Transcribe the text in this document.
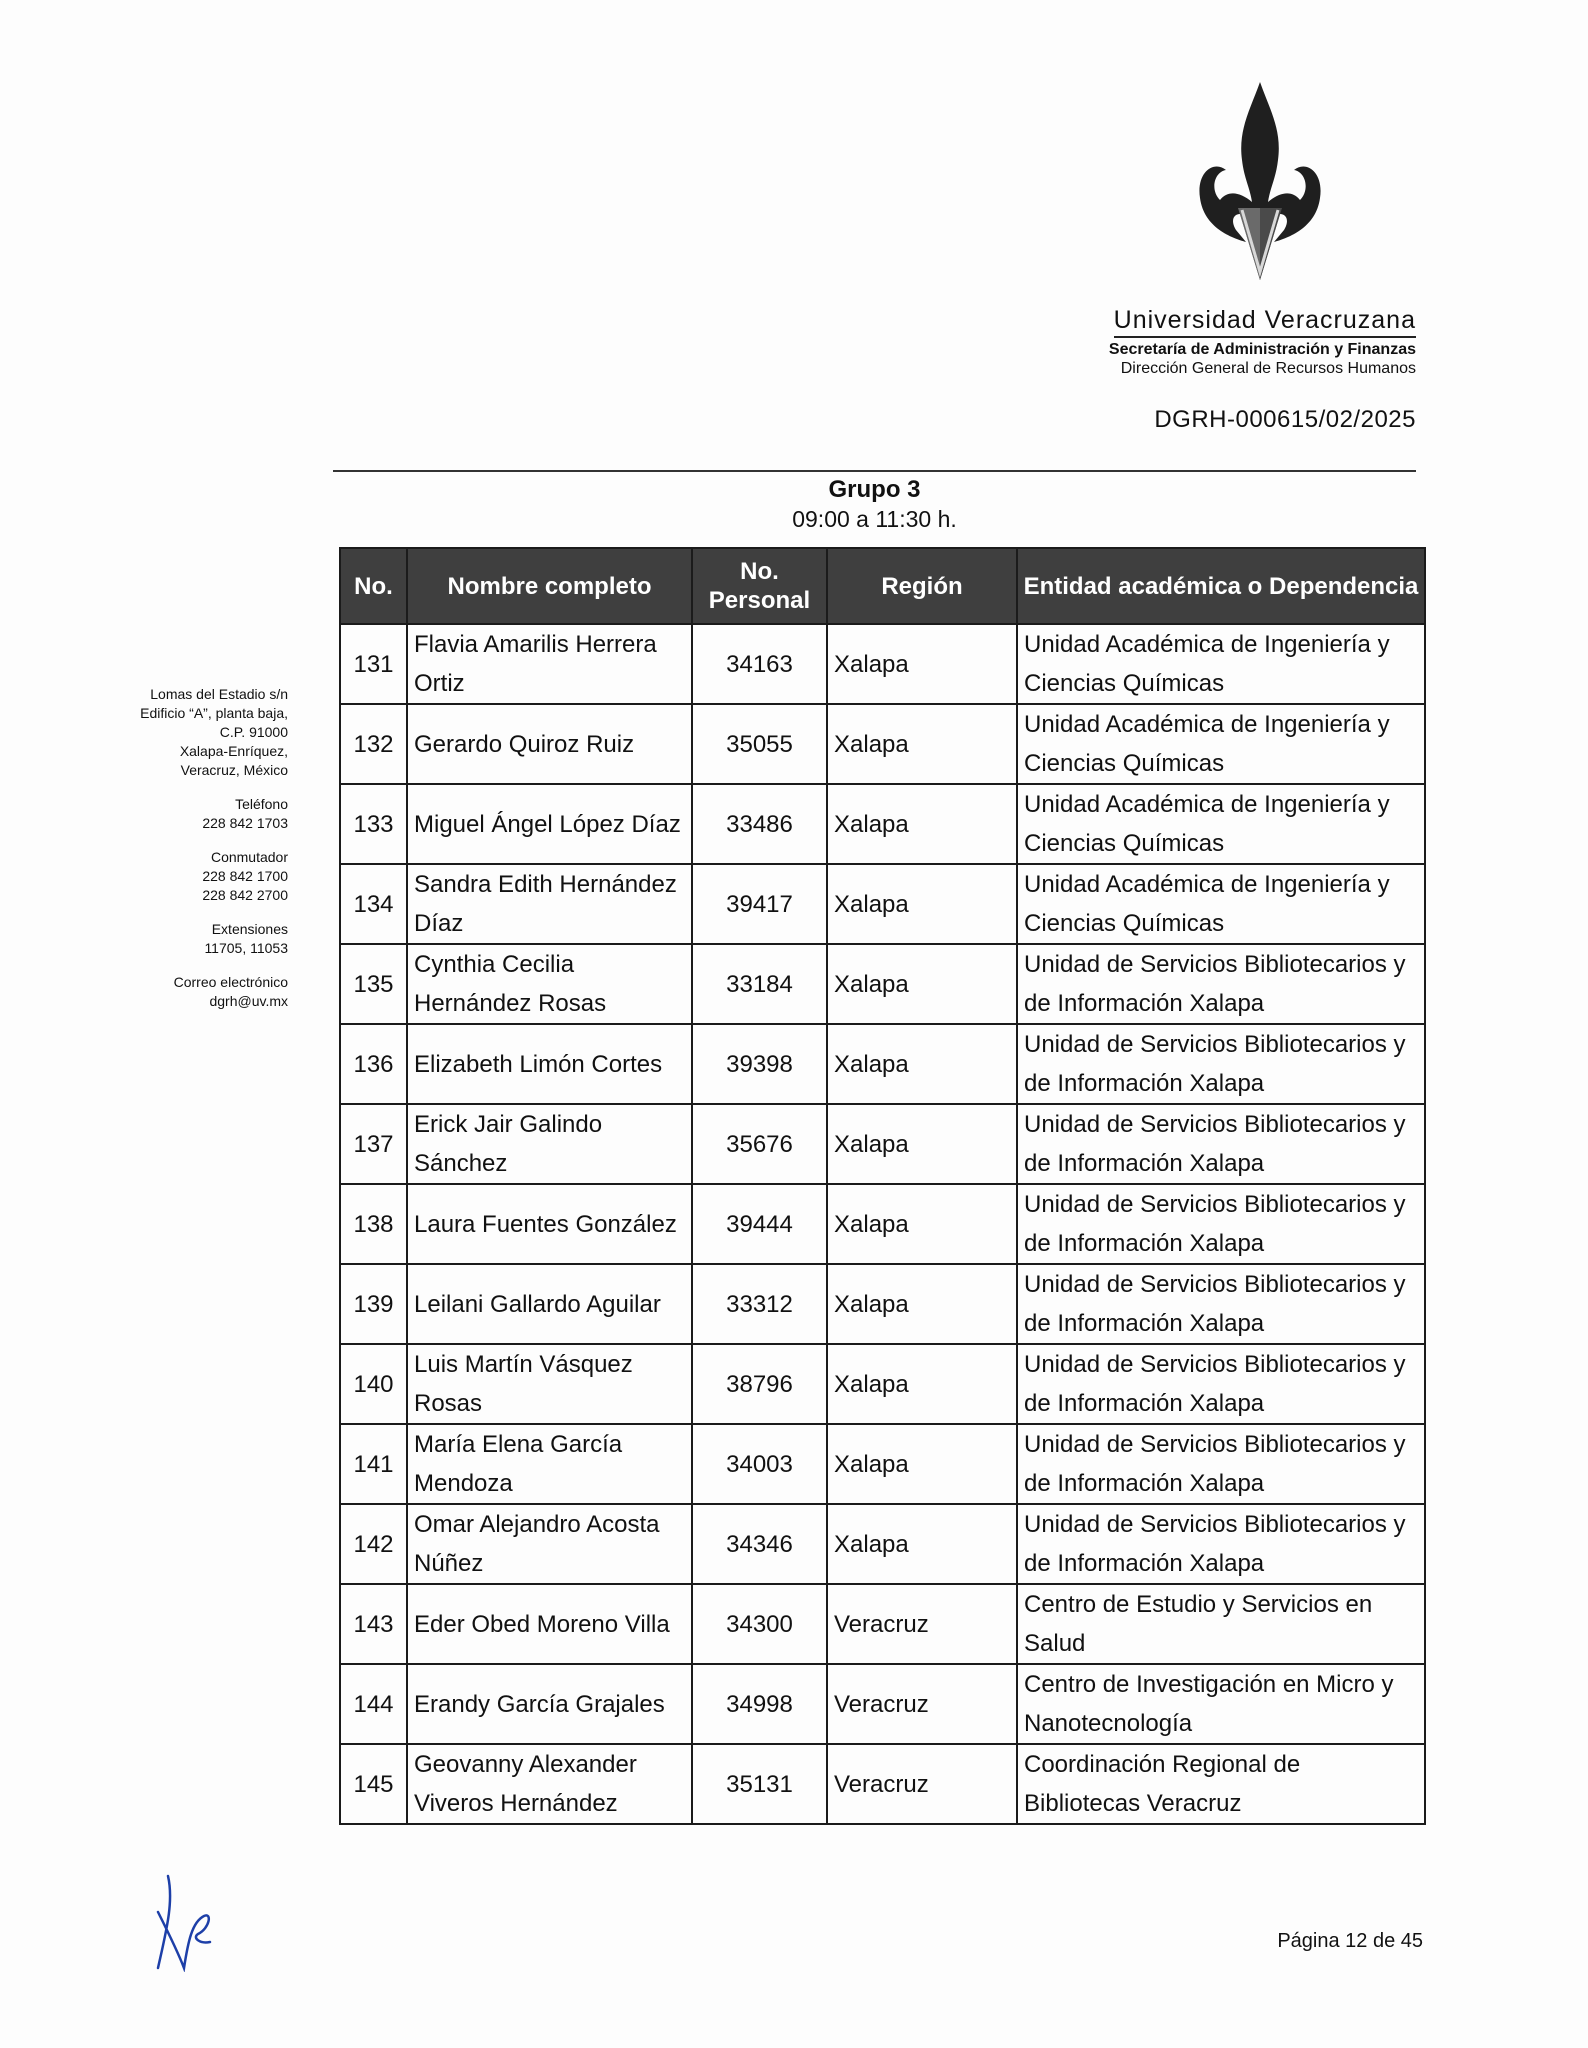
Universidad Veracruzana
Secretaría de Administración y Finanzas
Dirección General de Recursos Humanos
DGRH-000615/02/2025
Grupo 3
09:00 a 11:30 h.
Lomas del Estadio s/n
Edificio “A”, planta baja,
C.P. 91000
Xalapa-Enríquez,
Veracruz, México
Teléfono
228 842 1703
Conmutador
228 842 1700
228 842 2700
Extensiones
11705, 11053
Correo electrónico
dgrh@uv.mx
No.	Nombre completo	No. Personal	Región	Entidad académica o Dependencia
131	Flavia Amarilis Herrera Ortiz	34163	Xalapa	Unidad Académica de Ingeniería y Ciencias Químicas
132	Gerardo Quiroz Ruiz	35055	Xalapa	Unidad Académica de Ingeniería y Ciencias Químicas
133	Miguel Ángel López Díaz	33486	Xalapa	Unidad Académica de Ingeniería y Ciencias Químicas
134	Sandra Edith Hernández Díaz	39417	Xalapa	Unidad Académica de Ingeniería y Ciencias Químicas
135	Cynthia Cecilia Hernández Rosas	33184	Xalapa	Unidad de Servicios Bibliotecarios y de Información Xalapa
136	Elizabeth Limón Cortes	39398	Xalapa	Unidad de Servicios Bibliotecarios y de Información Xalapa
137	Erick Jair Galindo Sánchez	35676	Xalapa	Unidad de Servicios Bibliotecarios y de Información Xalapa
138	Laura Fuentes González	39444	Xalapa	Unidad de Servicios Bibliotecarios y de Información Xalapa
139	Leilani Gallardo Aguilar	33312	Xalapa	Unidad de Servicios Bibliotecarios y de Información Xalapa
140	Luis Martín Vásquez Rosas	38796	Xalapa	Unidad de Servicios Bibliotecarios y de Información Xalapa
141	María Elena García Mendoza	34003	Xalapa	Unidad de Servicios Bibliotecarios y de Información Xalapa
142	Omar Alejandro Acosta Núñez	34346	Xalapa	Unidad de Servicios Bibliotecarios y de Información Xalapa
143	Eder Obed Moreno Villa	34300	Veracruz	Centro de Estudio y Servicios en Salud
144	Erandy García Grajales	34998	Veracruz	Centro de Investigación en Micro y Nanotecnología
145	Geovanny Alexander Viveros Hernández	35131	Veracruz	Coordinación Regional de Bibliotecas Veracruz
Página 12 de 45
